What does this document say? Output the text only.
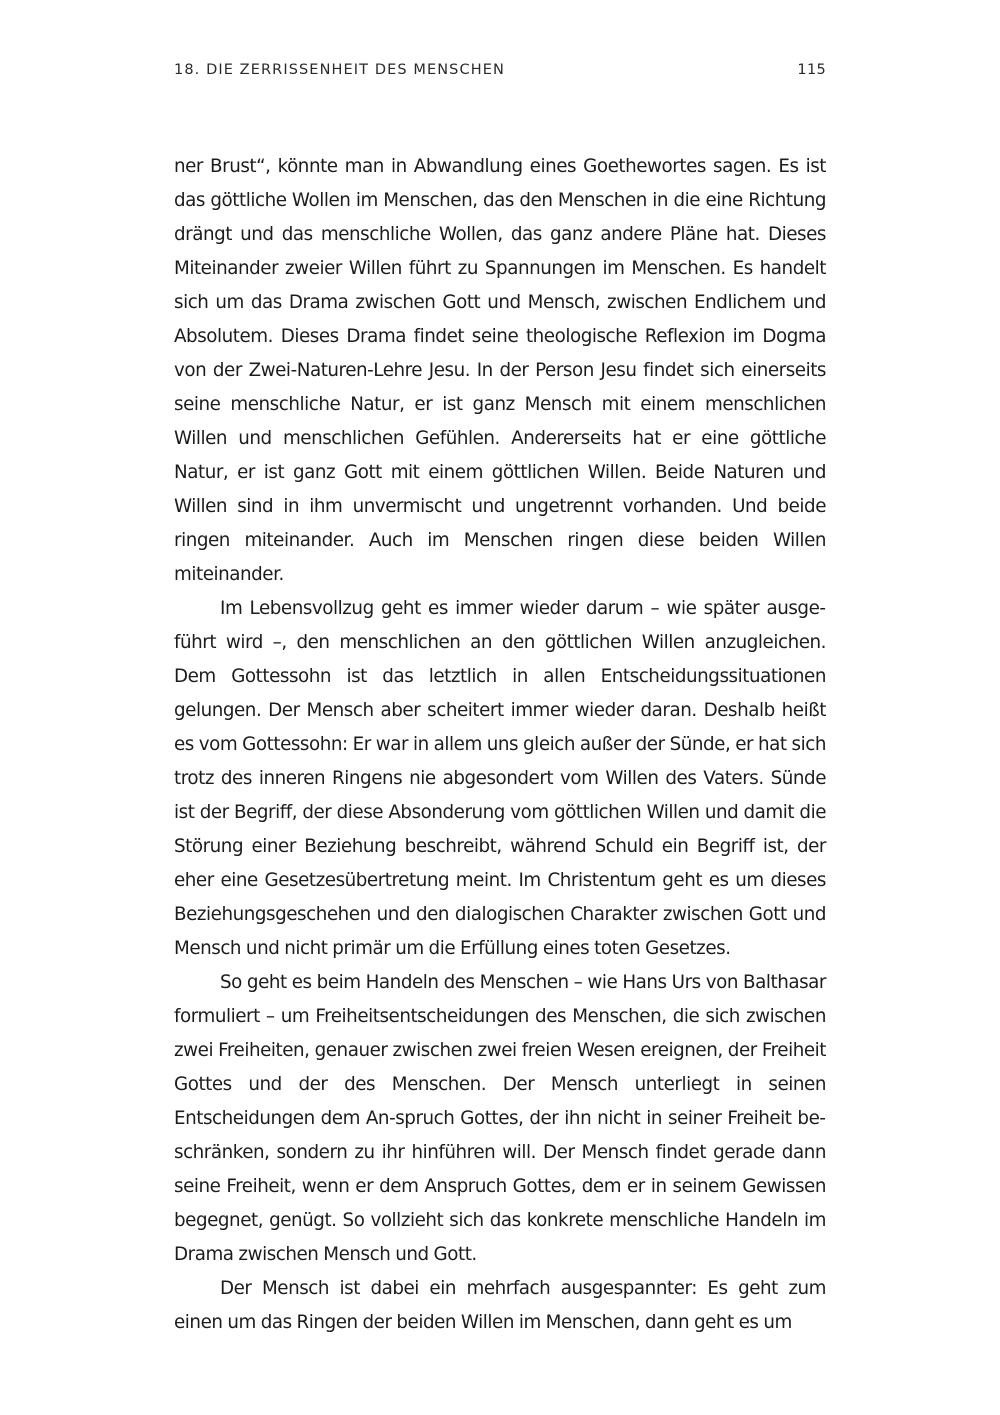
18. DIE ZERRISSENHEIT DES MENSCHEN	115

ner Brust“, könnte man in Abwandlung eines Goethewortes sagen. Es ist das göttliche Wollen im Menschen, das den Menschen in die eine Richtung drängt und das menschliche Wollen, das ganz andere Pläne hat. Dieses Miteinander zweier Willen führt zu Spannungen im Menschen. Es handelt sich um das Drama zwischen Gott und Mensch, zwischen Endlichem und Absolutem. Dieses Drama findet seine theologische Reflexion im Dogma von der Zwei-Naturen-Lehre Jesu. In der Person Jesu findet sich einerseits seine menschliche Natur, er ist ganz Mensch mit einem menschlichen Willen und menschlichen Gefühlen. Andererseits hat er eine göttliche Natur, er ist ganz Gott mit einem göttlichen Willen. Beide Naturen und Willen sind in ihm unvermischt und ungetrennt vorhanden. Und beide ringen miteinander. Auch im Menschen ringen diese beiden Willen miteinander.

Im Lebensvollzug geht es immer wieder darum – wie später ausgeführt wird –, den menschlichen an den göttlichen Willen anzugleichen. Dem Gottessohn ist das letztlich in allen Entscheidungssituationen gelungen. Der Mensch aber scheitert immer wieder daran. Deshalb heißt es vom Gottessohn: Er war in allem uns gleich außer der Sünde, er hat sich trotz des inneren Ringens nie abgesondert vom Willen des Vaters. Sünde ist der Begriff, der diese Absonderung vom göttlichen Willen und damit die Störung einer Beziehung beschreibt, während Schuld ein Begriff ist, der eher eine Gesetzesübertretung meint. Im Christentum geht es um dieses Beziehungsgeschehen und den dialogischen Charakter zwischen Gott und Mensch und nicht primär um die Erfüllung eines toten Gesetzes.

So geht es beim Handeln des Menschen – wie Hans Urs von Balthasar formuliert – um Freiheitsentscheidungen des Menschen, die sich zwischen zwei Freiheiten, genauer zwischen zwei freien Wesen ereignen, der Freiheit Gottes und der des Menschen. Der Mensch unterliegt in seinen Entscheidungen dem An-spruch Gottes, der ihn nicht in seiner Freiheit beschränken, sondern zu ihr hinführen will. Der Mensch findet gerade dann seine Freiheit, wenn er dem Anspruch Gottes, dem er in seinem Gewissen begegnet, genügt. So vollzieht sich das konkrete menschliche Handeln im Drama zwischen Mensch und Gott.

Der Mensch ist dabei ein mehrfach ausgespannter: Es geht zum einen um das Ringen der beiden Willen im Menschen, dann geht es um
